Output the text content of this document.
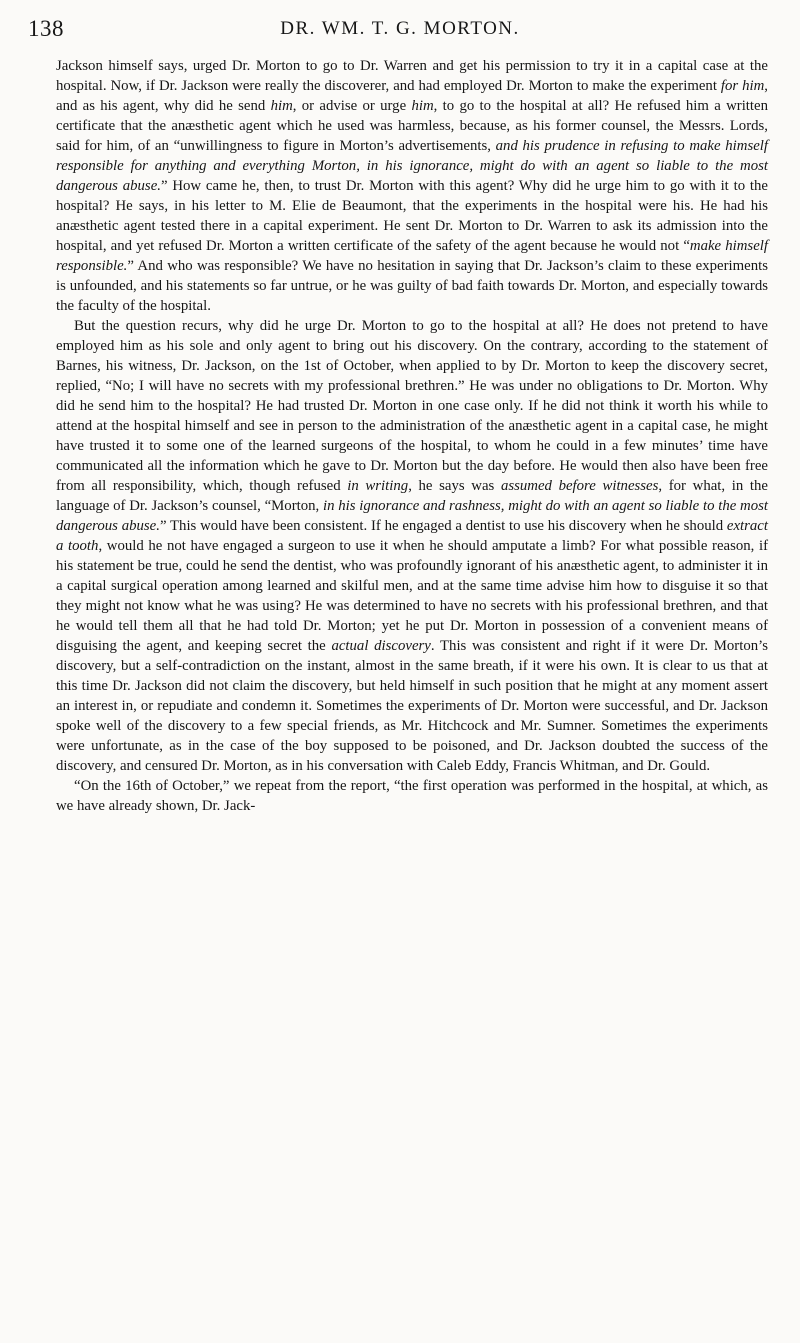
138	DR. WM. T. G. MORTON.

Jackson himself says, urged Dr. Morton to go to Dr. Warren and get his permission to try it in a capital case at the hospital. Now, if Dr. Jackson were really the discoverer, and had employed Dr. Morton to make the experiment for him, and as his agent, why did he send him, or advise or urge him, to go to the hospital at all? He refused him a written certificate that the anæsthetic agent which he used was harmless, because, as his former counsel, the Messrs. Lords, said for him, of an “unwillingness to figure in Morton’s advertisements, and his prudence in refusing to make himself responsible for anything and everything Morton, in his ignorance, might do with an agent so liable to the most dangerous abuse.” How came he, then, to trust Dr. Morton with this agent? Why did he urge him to go with it to the hospital? He says, in his letter to M. Elie de Beaumont, that the experiments in the hospital were his. He had his anæsthetic agent tested there in a capital experiment. He sent Dr. Morton to Dr. Warren to ask its admission into the hospital, and yet refused Dr. Morton a written certificate of the safety of the agent because he would not “make himself responsible.” And who was responsible? We have no hesitation in saying that Dr. Jackson’s claim to these experiments is unfounded, and his statements so far untrue, or he was guilty of bad faith towards Dr. Morton, and especially towards the faculty of the hospital.

But the question recurs, why did he urge Dr. Morton to go to the hospital at all? He does not pretend to have employed him as his sole and only agent to bring out his discovery. On the contrary, according to the statement of Barnes, his witness, Dr. Jackson, on the 1st of October, when applied to by Dr. Morton to keep the discovery secret, replied, “No; I will have no secrets with my professional brethren.” He was under no obligations to Dr. Morton. Why did he send him to the hospital? He had trusted Dr. Morton in one case only. If he did not think it worth his while to attend at the hospital himself and see in person to the administration of the anæsthetic agent in a capital case, he might have trusted it to some one of the learned surgeons of the hospital, to whom he could in a few minutes’ time have communicated all the information which he gave to Dr. Morton but the day before. He would then also have been free from all responsibility, which, though refused in writing, he says was assumed before witnesses, for what, in the language of Dr. Jackson’s counsel, “Morton, in his ignorance and rashness, might do with an agent so liable to the most dangerous abuse.” This would have been consistent. If he engaged a dentist to use his discovery when he should extract a tooth, would he not have engaged a surgeon to use it when he should amputate a limb? For what possible reason, if his statement be true, could he send the dentist, who was profoundly ignorant of his anæsthetic agent, to administer it in a capital surgical operation among learned and skilful men, and at the same time advise him how to disguise it so that they might not know what he was using? He was determined to have no secrets with his professional brethren, and that he would tell them all that he had told Dr. Morton; yet he put Dr. Morton in possession of a convenient means of disguising the agent, and keeping secret the actual discovery. This was consistent and right if it were Dr. Morton’s discovery, but a self-contradiction on the instant, almost in the same breath, if it were his own. It is clear to us that at this time Dr. Jackson did not claim the discovery, but held himself in such position that he might at any moment assert an interest in, or repudiate and condemn it. Sometimes the experiments of Dr. Morton were successful, and Dr. Jackson spoke well of the discovery to a few special friends, as Mr. Hitchcock and Mr. Sumner. Sometimes the experiments were unfortunate, as in the case of the boy supposed to be poisoned, and Dr. Jackson doubted the success of the discovery, and censured Dr. Morton, as in his conversation with Caleb Eddy, Francis Whitman, and Dr. Gould.

“On the 16th of October,” we repeat from the report, “the first operation was performed in the hospital, at which, as we have already shown, Dr. Jack-
